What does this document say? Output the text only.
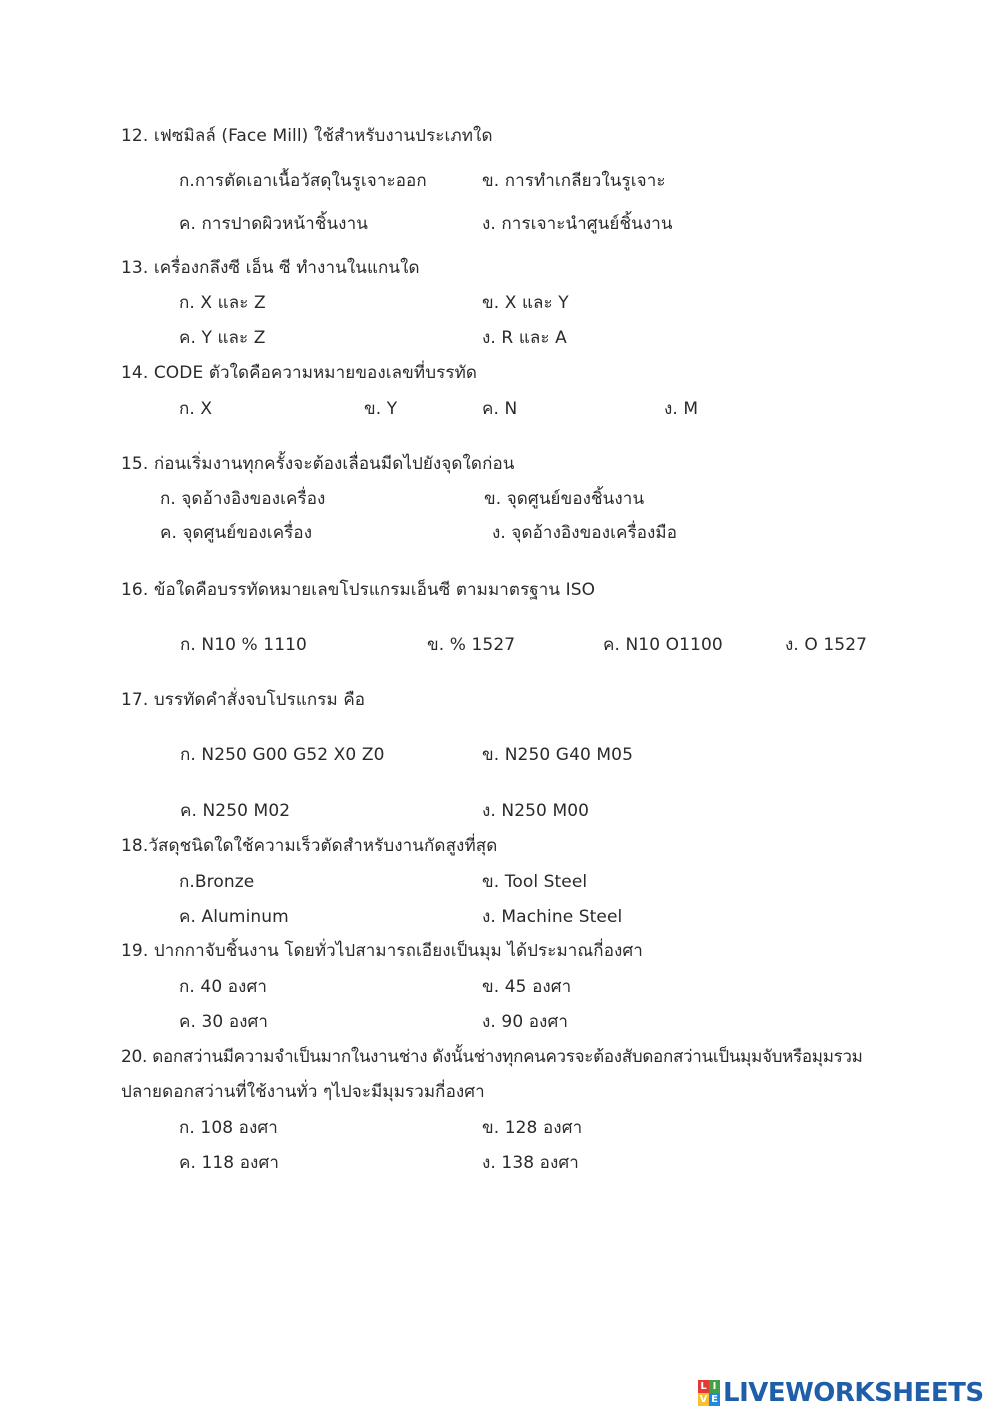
12. เฟซมิลล์ (Face Mill) ใช้สำหรับงานประเภทใด
ก.การตัดเอาเนื้อวัสดุในรูเจาะออก	ข. การทำเกลียวในรูเจาะ
ค. การปาดผิวหน้าชิ้นงาน	ง. การเจาะนำศูนย์ชิ้นงาน
13. เครื่องกลึงซี เอ็น ซี ทำงานในแกนใด
ก. X และ Z	ข. X และ Y
ค. Y และ Z	ง. R และ A
14. CODE ตัวใดคือความหมายของเลขที่บรรทัด
ก. X	ข. Y	ค. N	ง. M
15. ก่อนเริ่มงานทุกครั้งจะต้องเลื่อนมีดไปยังจุดใดก่อน
ก. จุดอ้างอิงของเครื่อง	ข. จุดศูนย์ของชิ้นงาน
ค. จุดศูนย์ของเครื่อง	ง. จุดอ้างอิงของเครื่องมือ
16. ข้อใดคือบรรทัดหมายเลขโปรแกรมเอ็นซี ตามมาตรฐาน ISO
ก. N10 % 1110	ข. % 1527	ค. N10 O1100	ง. O 1527
17. บรรทัดคำสั่งจบโปรแกรม คือ
ก. N250 G00 G52 X0 Z0	ข. N250 G40 M05
ค. N250 M02	ง. N250 M00
18.วัสดุชนิดใดใช้ความเร็วตัดสำหรับงานกัดสูงที่สุด
ก.Bronze	ข. Tool Steel
ค. Aluminum	ง. Machine Steel
19. ปากกาจับชิ้นงาน โดยทั่วไปสามารถเอียงเป็นมุม ได้ประมาณกี่องศา
ก. 40 องศา	ข. 45 องศา
ค. 30 องศา	ง. 90 องศา
20. ดอกสว่านมีความจำเป็นมากในงานช่าง ดังนั้นช่างทุกคนควรจะต้องสับดอกสว่านเป็นมุมจับหรือมุมรวม
ปลายดอกสว่านที่ใช้งานทั่ว ๆไปจะมีมุมรวมกี่องศา
ก. 108 องศา	ข. 128 องศา
ค. 118 องศา	ง. 138 องศา
L I
V E LIVEWORKSHEETS
